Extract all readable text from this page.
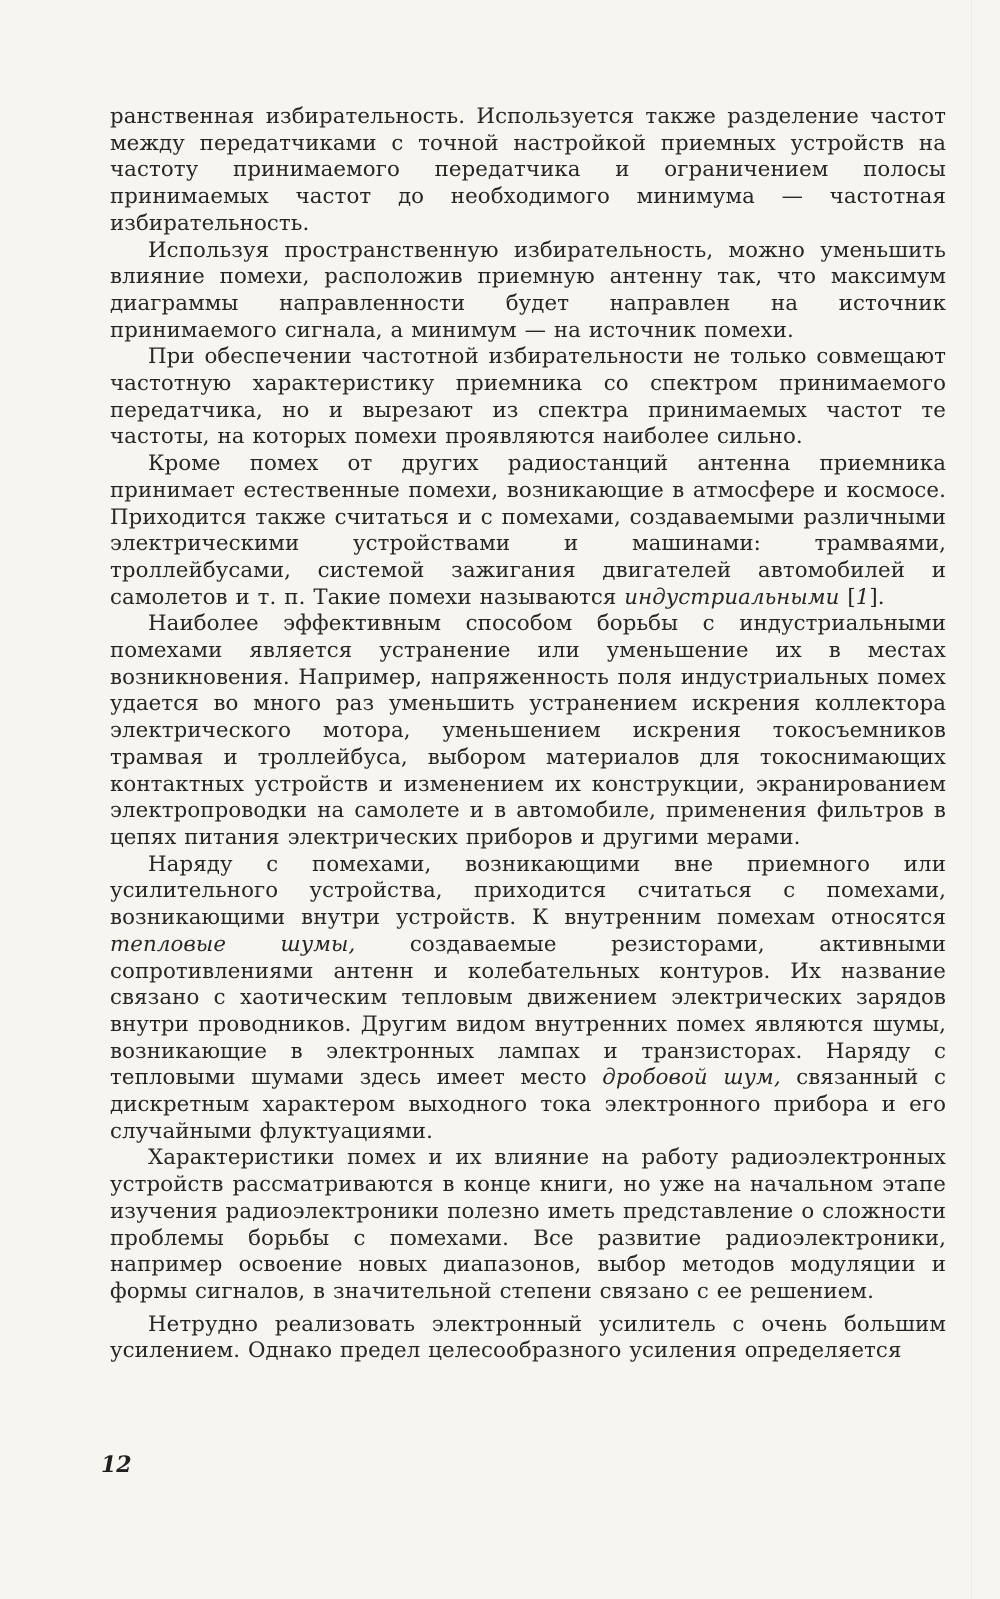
ранственная избирательность. Используется также разделение частот между передатчиками с точной настройкой приемных устройств на частоту принимаемого передатчика и ограничением полосы принимаемых частот до необходимого минимума — частотная избирательность.

Используя пространственную избирательность, можно уменьшить влияние помехи, расположив приемную антенну так, что максимум диаграммы направленности будет направлен на источник принимаемого сигнала, а минимум — на источник помехи.

При обеспечении частотной избирательности не только совмещают частотную характеристику приемника со спектром принимаемого передатчика, но и вырезают из спектра принимаемых частот те частоты, на которых помехи проявляются наиболее сильно.

Кроме помех от других радиостанций антенна приемника принимает естественные помехи, возникающие в атмосфере и космосе. Приходится также считаться и с помехами, создаваемыми различными электрическими устройствами и машинами: трамваями, троллейбусами, системой зажигания двигателей автомобилей и самолетов и т. п. Такие помехи называются индустриальными [1].

Наиболее эффективным способом борьбы с индустриальными помехами является устранение или уменьшение их в местах возникновения. Например, напряженность поля индустриальных помех удается во много раз уменьшить устранением искрения коллектора электрического мотора, уменьшением искрения токосъемников трамвая и троллейбуса, выбором материалов для токоснимающих контактных устройств и изменением их конструкции, экранированием электропроводки на самолете и в автомобиле, применения фильтров в цепях питания электрических приборов и другими мерами.

Наряду с помехами, возникающими вне приемного или усилительного устройства, приходится считаться с помехами, возникающими внутри устройств. К внутренним помехам относятся тепловые шумы, создаваемые резисторами, активными сопротивлениями антенн и колебательных контуров. Их название связано с хаотическим тепловым движением электрических зарядов внутри проводников. Другим видом внутренних помех являются шумы, возникающие в электронных лампах и транзисторах. Наряду с тепловыми шумами здесь имеет место дробовой шум, связанный с дискретным характером выходного тока электронного прибора и его случайными флуктуациями.

Характеристики помех и их влияние на работу радиоэлектронных устройств рассматриваются в конце книги, но уже на начальном этапе изучения радиоэлектроники полезно иметь представление о сложности проблемы борьбы с помехами. Все развитие радиоэлектроники, например освоение новых диапазонов, выбор методов модуляции и формы сигналов, в значительной степени связано с ее решением.

Нетрудно реализовать электронный усилитель с очень большим усилением. Однако предел целесообразного усиления определяется

12
